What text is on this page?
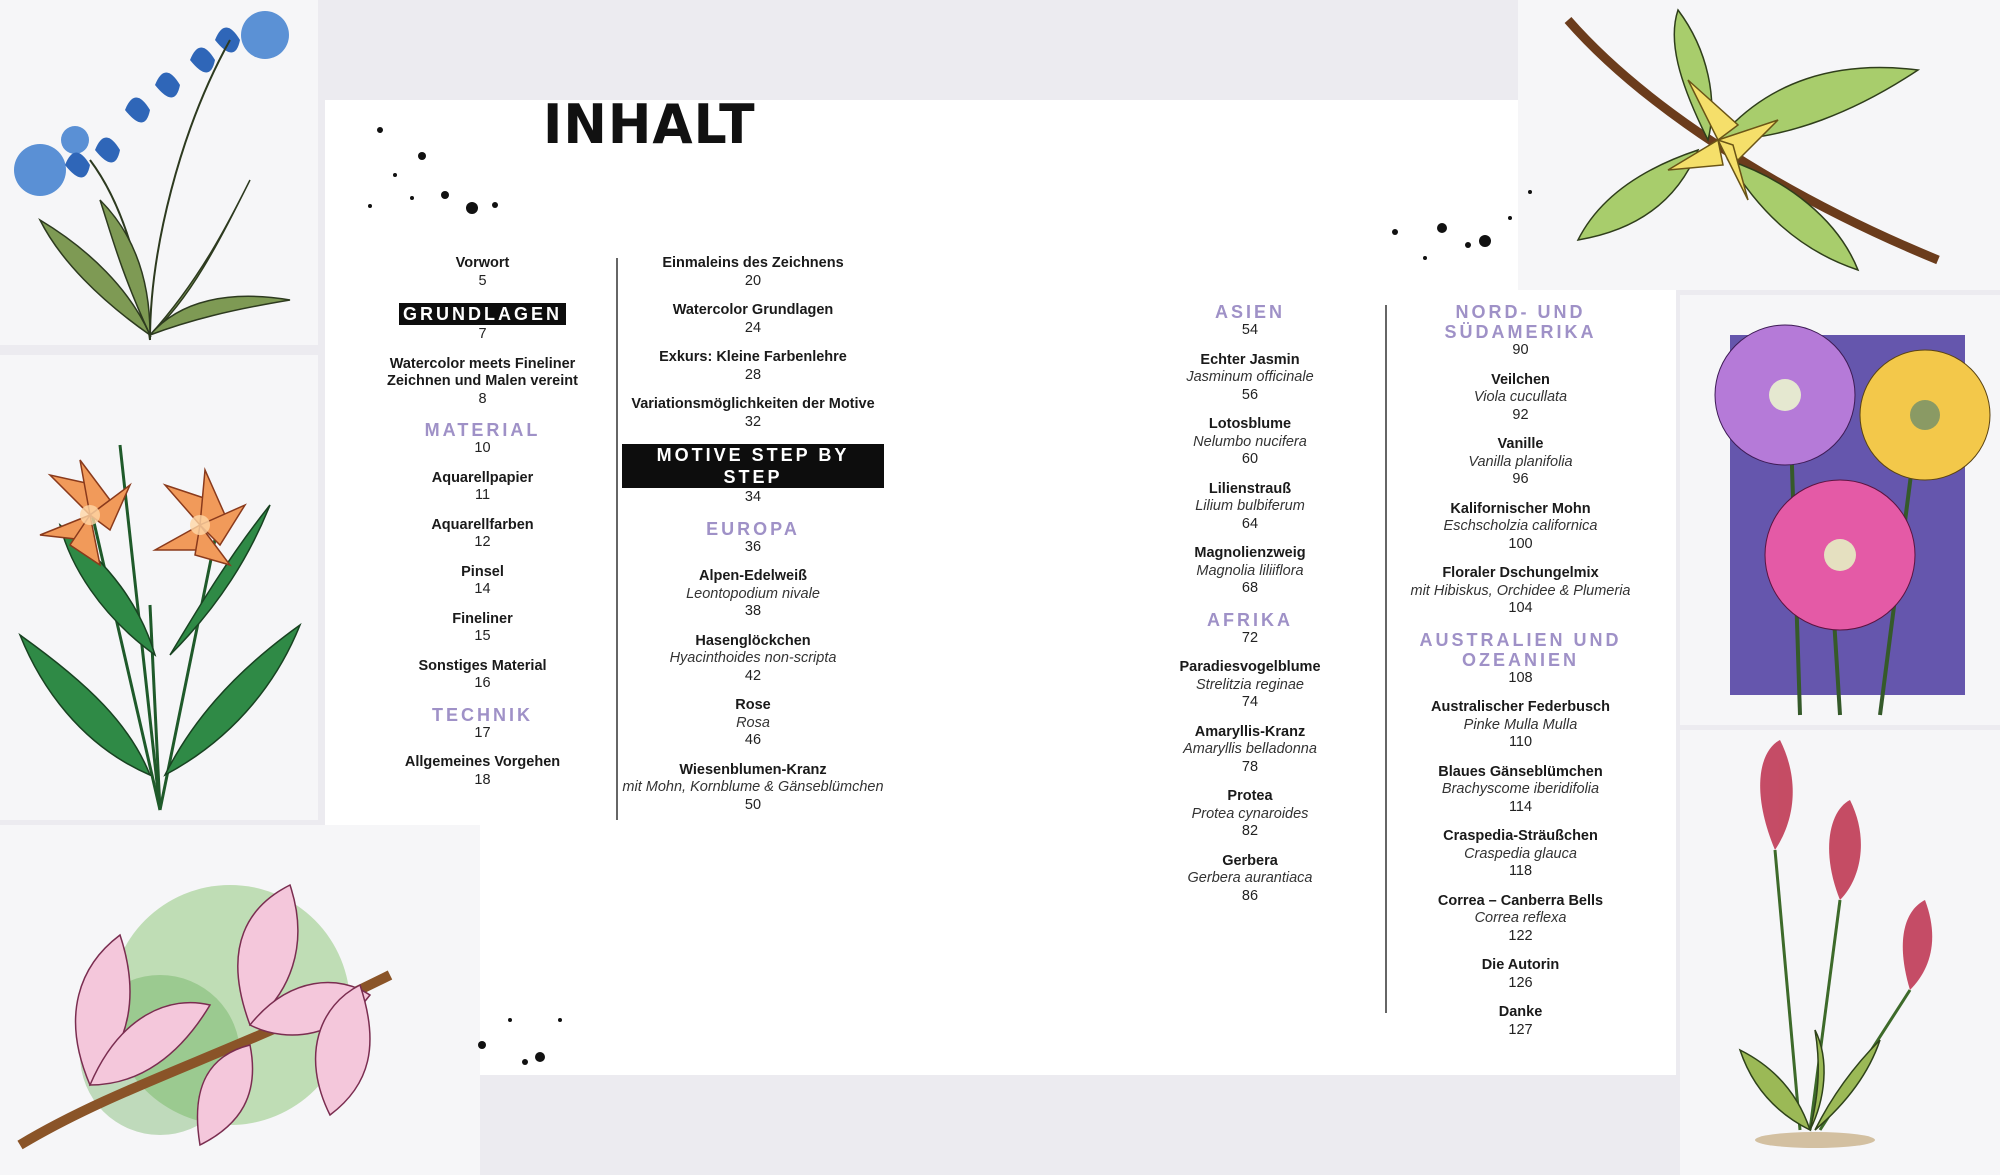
INHALT
Vorwort
5
GRUNDLAGEN
7
Watercolor meets Fineliner Zeichnen und Malen vereint
8
MATERIAL
10
Aquarellpapier
11
Aquarellfarben
12
Pinsel
14
Fineliner
15
Sonstiges Material
16
TECHNIK
17
Allgemeines Vorgehen
18
Einmaleins des Zeichnens
20
Watercolor Grundlagen
24
Exkurs: Kleine Farbenlehre
28
Variationsmöglichkeiten der Motive
32
MOTIVE STEP BY STEP
34
EUROPA
36
Alpen-Edelweiß
Leontopodium nivale
38
Hasenglöckchen
Hyacinthoides non-scripta
42
Rose
Rosa
46
Wiesenblumen-Kranz
mit Mohn, Kornblume & Gänseblümchen
50
ASIEN
54
Echter Jasmin
Jasminum officinale
56
Lotosblume
Nelumbo nucifera
60
Lilienstrauß
Lilium bulbiferum
64
Magnolienzweig
Magnolia liliiflora
68
AFRIKA
72
Paradiesvogelblume
Strelitzia reginae
74
Amaryllis-Kranz
Amaryllis belladonna
78
Protea
Protea cynaroides
82
Gerbera
Gerbera aurantiaca
86
NORD- UND SÜDAMERIKA
90
Veilchen
Viola cucullata
92
Vanille
Vanilla planifolia
96
Kalifornischer Mohn
Eschscholzia californica
100
Floraler Dschungelmix
mit Hibiskus, Orchidee & Plumeria
104
AUSTRALIEN UND OZEANIEN
108
Australischer Federbusch
Pinke Mulla Mulla
110
Blaues Gänseblümchen
Brachyscome iberidifolia
114
Craspedia-Sträußchen
Craspedia glauca
118
Correa – Canberra Bells
Correa reflexa
122
Die Autorin
126
Danke
127
